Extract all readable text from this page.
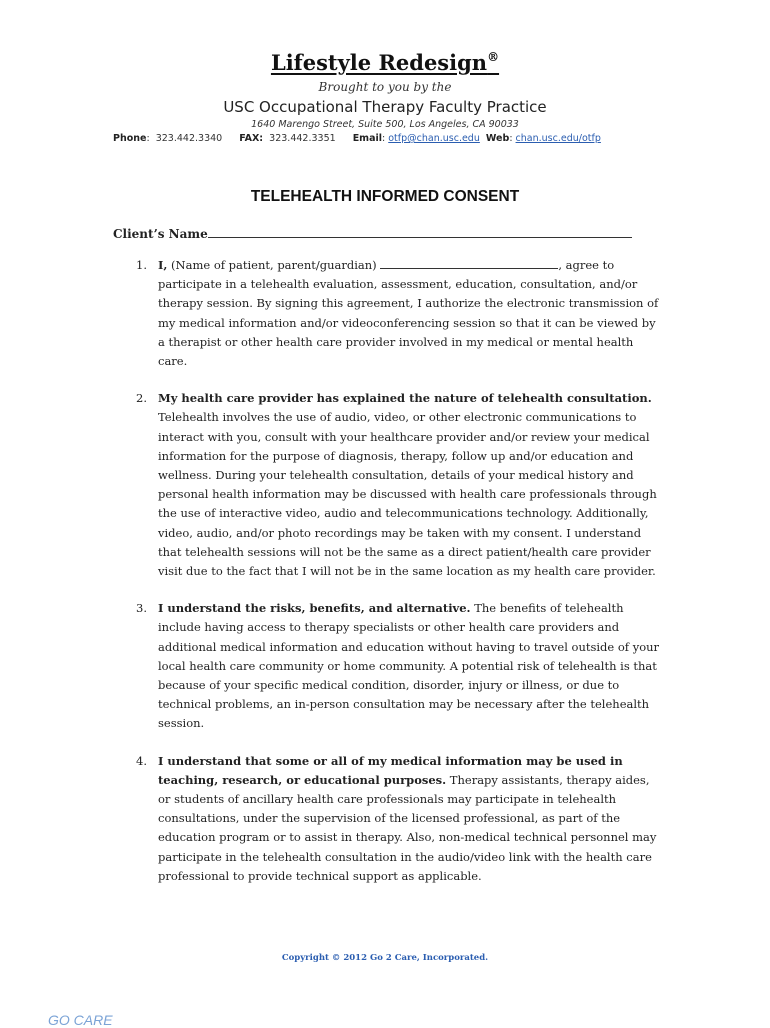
Lifestyle Redesign®
Brought to you by the
USC Occupational Therapy Faculty Practice
1640 Marengo Street, Suite 500, Los Angeles, CA 90033
Phone:  323.442.3340 FAX: 323.442.3351 Email: otfp@chan.usc.edu Web: chan.usc.edu/otfp
TELEHEALTH INFORMED CONSENT
Client’s Name
1. I, (Name of patient, parent/guardian)	, agree to participate in a telehealth evaluation, assessment, education, consultation, and/or therapy session. By signing this agreement, I authorize the electronic transmission of my medical information and/or videoconferencing session so that it can be viewed by a therapist or other health care provider involved in my medical or mental health care.
2. My health care provider has explained the nature of telehealth consultation.
Telehealth involves the use of audio, video, or other electronic communications to interact with you, consult with your healthcare provider and/or review your medical information for the purpose of diagnosis, therapy, follow up and/or education and wellness. During your telehealth consultation, details of your medical history and personal health information may be discussed with health care professionals through the use of interactive video, audio and telecommunications technology. Additionally, video, audio, and/or photo recordings may be taken with my consent. I understand that telehealth sessions will not be the same as a direct patient/health care provider visit due to the fact that I will not be in the same location as my health care provider.
3. I understand the risks, benefits, and alternative. The benefits of telehealth include having access to therapy specialists or other health care providers and additional medical information and education without having to travel outside of your local health care community or home community. A potential risk of telehealth is that because of your specific medical condition, disorder, injury or illness, or due to technical problems, an in-person consultation may be necessary after the telehealth session.
4. I understand that some or all of my medical information may be used in teaching, research, or educational purposes. Therapy assistants, therapy aides, or students of ancillary health care professionals may participate in telehealth consultations, under the supervision of the licensed professional, as part of the education program or to assist in therapy. Also, non-medical technical personnel may participate in the telehealth consultation in the audio/video link with the health care professional to provide technical support as applicable.
Copyright © 2012 Go 2 Care, Incorporated.
GO CARE
